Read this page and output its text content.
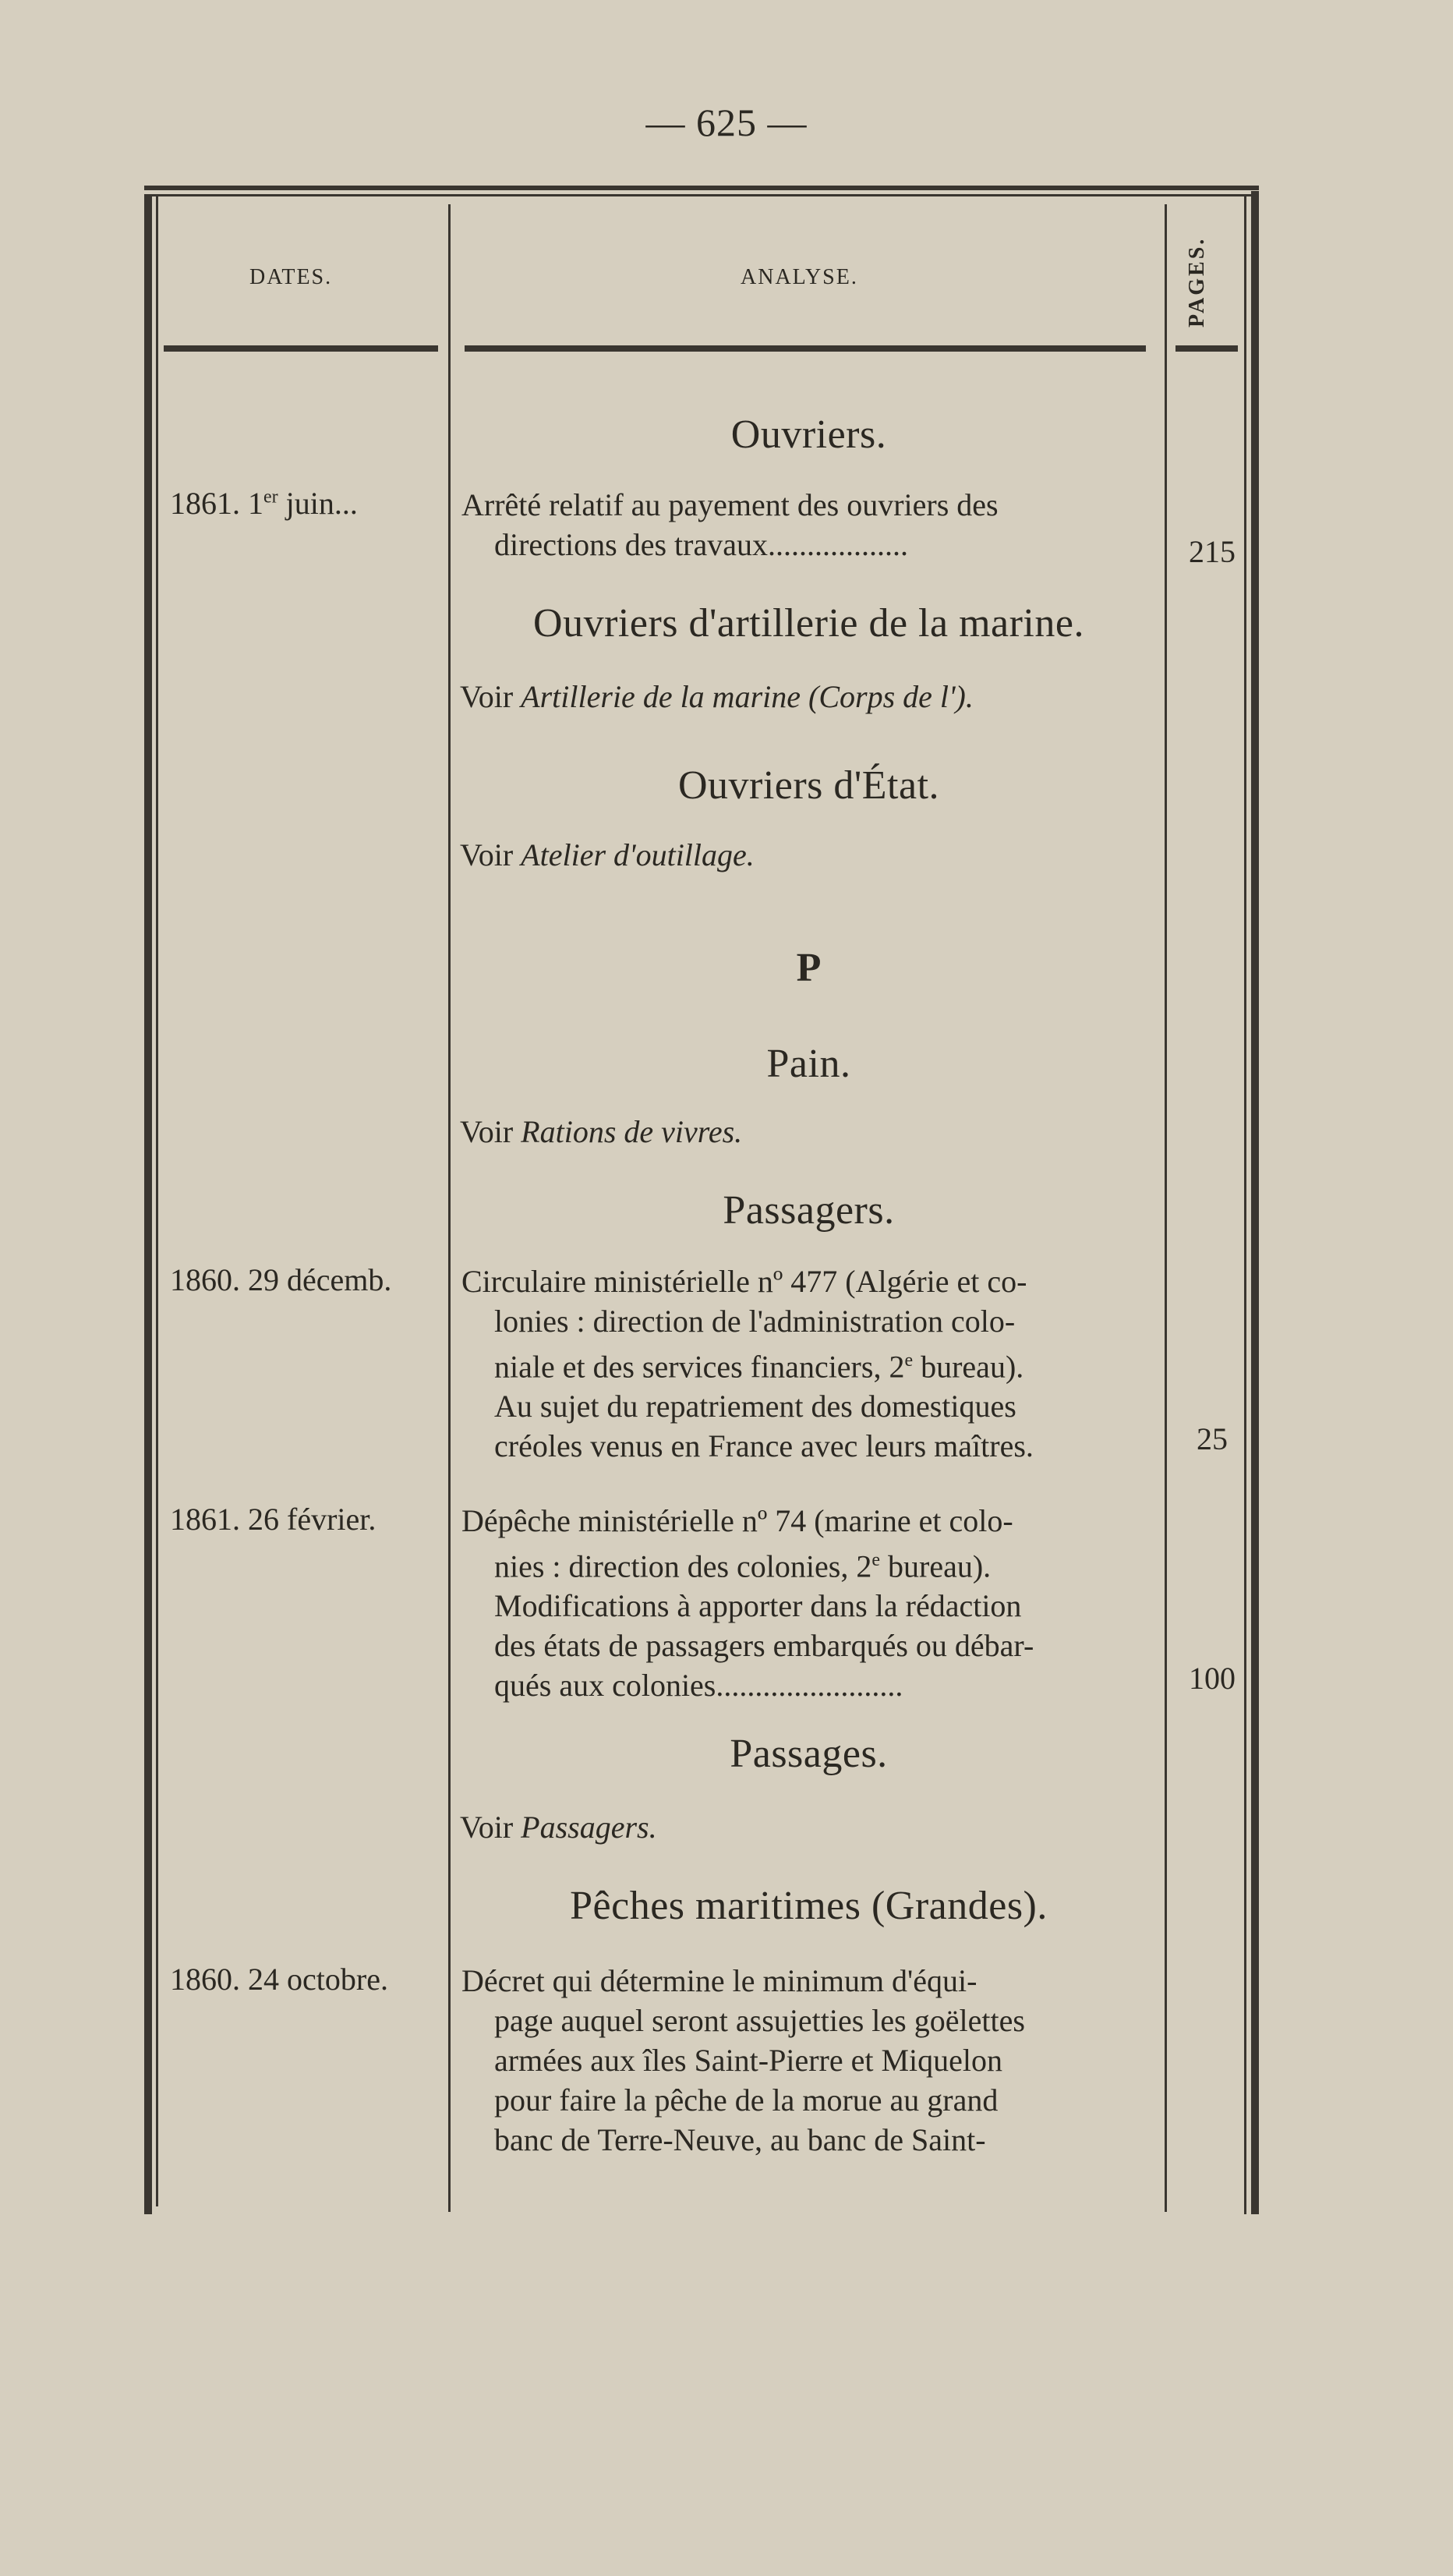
— 625 —
DATES.	ANALYSE.	PAGES.
Ouvriers.
1861. 1er juin...	Arrêté relatif au payement des ouvriers des
directions des travaux..................	215
Ouvriers d'artillerie de la marine.
Voir Artillerie de la marine (Corps de l').
Ouvriers d'État.
Voir Atelier d'outillage.
P
Pain.
Voir Rations de vivres.
Passagers.
1860. 29 décemb.	Circulaire ministérielle nº 477 (Algérie et co-
lonies : direction de l'administration colo-
niale et des services financiers, 2e bureau).
Au sujet du repatriement des domestiques
créoles venus en France avec leurs maîtres.	25
1861. 26 février.	Dépêche ministérielle nº 74 (marine et colo-
nies : direction des colonies, 2e bureau).
Modifications à apporter dans la rédaction
des états de passagers embarqués ou débar-
qués aux colonies........................	100
Passages.
Voir Passagers.
Pêches maritimes (Grandes).
1860. 24 octobre.	Décret qui détermine le minimum d'équi-
page auquel seront assujetties les goëlettes
armées aux îles Saint-Pierre et Miquelon
pour faire la pêche de la morue au grand
banc de Terre-Neuve, au banc de Saint-
